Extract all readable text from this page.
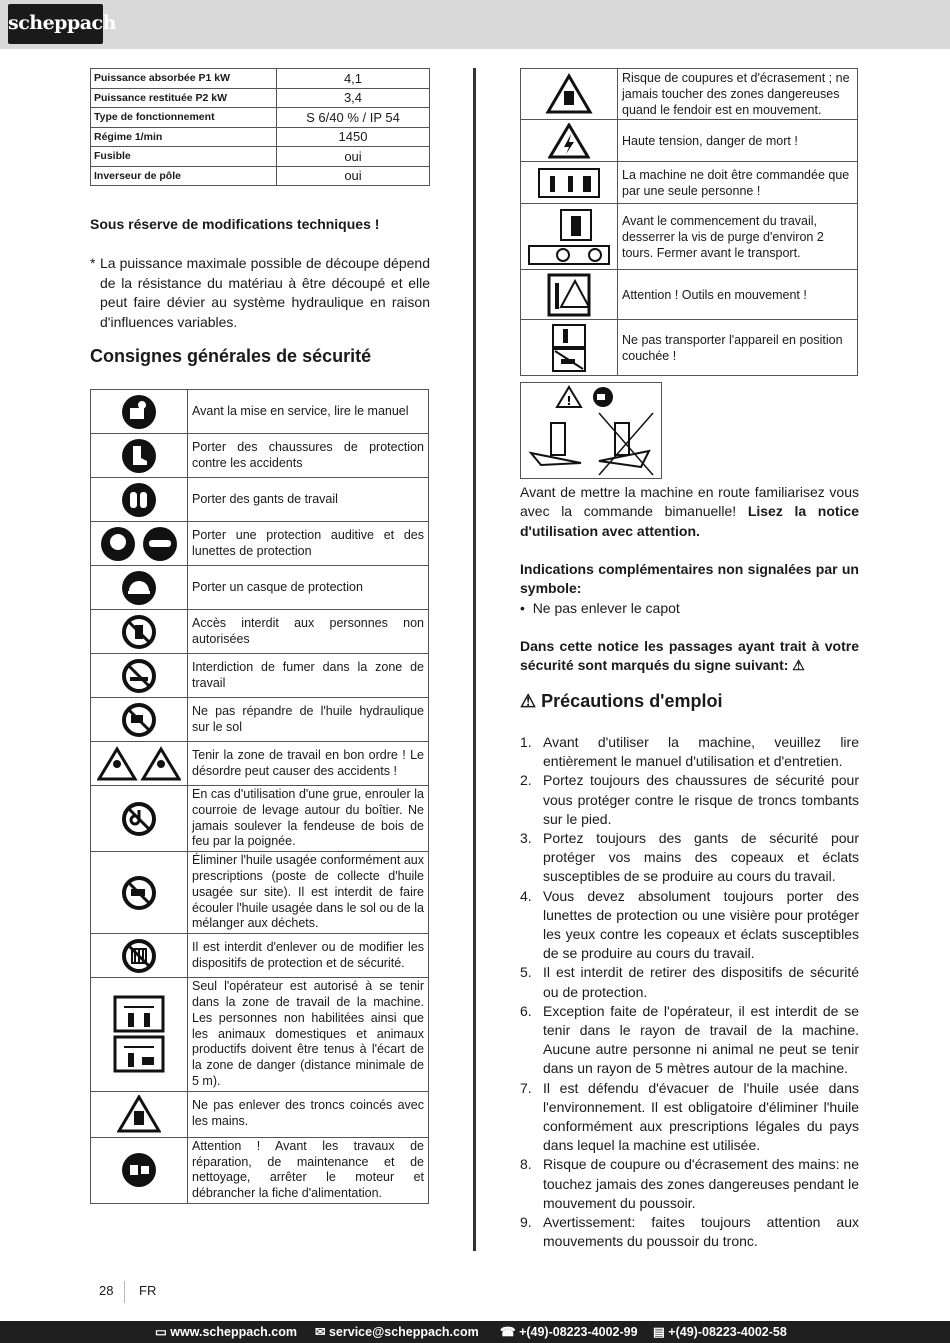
scheppach
Puissance absorbée P1 kW	4,1
Puissance restituée P2 kW	3,4
Type de fonctionnement	S 6/40 % / IP 54
Régime 1/min	1450
Fusible	oui
Inverseur de pôle	oui
Sous réserve de modifications techniques !
* La puissance maximale possible de découpe dépend de la résistance du matériau à être découpé et elle peut faire dévier au système hydraulique en raison d'influences variables.
Consignes générales de sécurité
	Avant la mise en service, lire le manuel

	Porter des chaussures de protection contre les accidents

	Porter des gants de travail

	Porter une protection auditive et des lunettes de protection

	Porter un casque de protection

	Accès interdit aux personnes non autorisées

	Interdiction de fumer dans la zone de travail

	Ne pas répandre de l'huile hydraulique sur le sol

	Tenir la zone de travail en bon ordre ! Le désordre peut causer des accidents !

	En cas d'utilisation d'une grue, enrouler la courroie de levage autour du boîtier. Ne jamais soulever la fendeuse de bois de feu par la poignée.

	Éliminer l'huile usagée conformément aux prescriptions (poste de collecte d'huile usagée sur site). Il est interdit de faire écouler l'huile usagée dans le sol ou de la mélanger aux déchets.

	Il est interdit d'enlever ou de modifier les dispositifs de protection et de sécurité.

	Seul l'opérateur est autorisé à se tenir dans la zone de travail de la machine. Les personnes non habilitées ainsi que les animaux domestiques et animaux productifs doivent être tenus à l'écart de la zone de danger (distance minimale de 5 m).

	Ne pas enlever des troncs coincés avec les mains.

	Attention ! Avant les travaux de réparation, de maintenance et de nettoyage, arrêter le moteur et débrancher la fiche d'alimentation.
	Risque de coupures et d'écrasement ; ne jamais toucher des zones dangereuses quand le fendoir est en mouvement.

	Haute tension, danger de mort !

	La machine ne doit être commandée que par une seule personne !

	Avant le commencement du travail, desserrer la vis de purge d'environ 2 tours. Fermer avant le transport.

	Attention ! Outils en mouvement !

	Ne pas transporter l'appareil en position couchée !
!
Avant de mettre la machine en route familiarisez vous avec la commande bimanuelle! Lisez la notice d'utilisation avec attention.
Indications complémentaires non signalées par un symbole:
• Ne pas enlever le capot
Dans cette notice les passages ayant trait à votre sécurité sont marqués du signe suivant: ⚠
⚠ Précautions d'emploi
1. Avant d'utiliser la machine, veuillez lire entièrement le manuel d'utilisation et d'entretien.
2. Portez toujours des chaussures de sécurité pour vous protéger contre le risque de troncs tombants sur le pied.
3. Portez toujours des gants de sécurité pour protéger vos mains des copeaux et éclats susceptibles de se produire au cours du travail.
4. Vous devez absolument toujours porter des lunettes de protection ou une visière pour protéger les yeux contre les copeaux et éclats susceptibles de se produire au cours du travail.
5. Il est interdit de retirer des dispositifs de sécurité ou de protection.
6. Exception faite de l'opérateur, il est interdit de se tenir dans le rayon de travail de la machine. Aucune autre personne ni animal ne peut se tenir dans un rayon de 5 mètres autour de la machine.
7. Il est défendu d'évacuer de l'huile usée dans l'environnement. Il est obligatoire d'éliminer l'huile conformément aux prescriptions légales du pays dans lequel la machine est utilisée.
8. Risque de coupure ou d'écrasement des mains: ne touchez jamais des zones dangereuses pendant le mouvement du poussoir.
9. Avertissement: faites toujours attention aux mouvements du poussoir du tronc.
28 FR
▭ www.scheppach.com ✉ service@scheppach.com ☎ +(49)-08223-4002-99 ▤ +(49)-08223-4002-58
